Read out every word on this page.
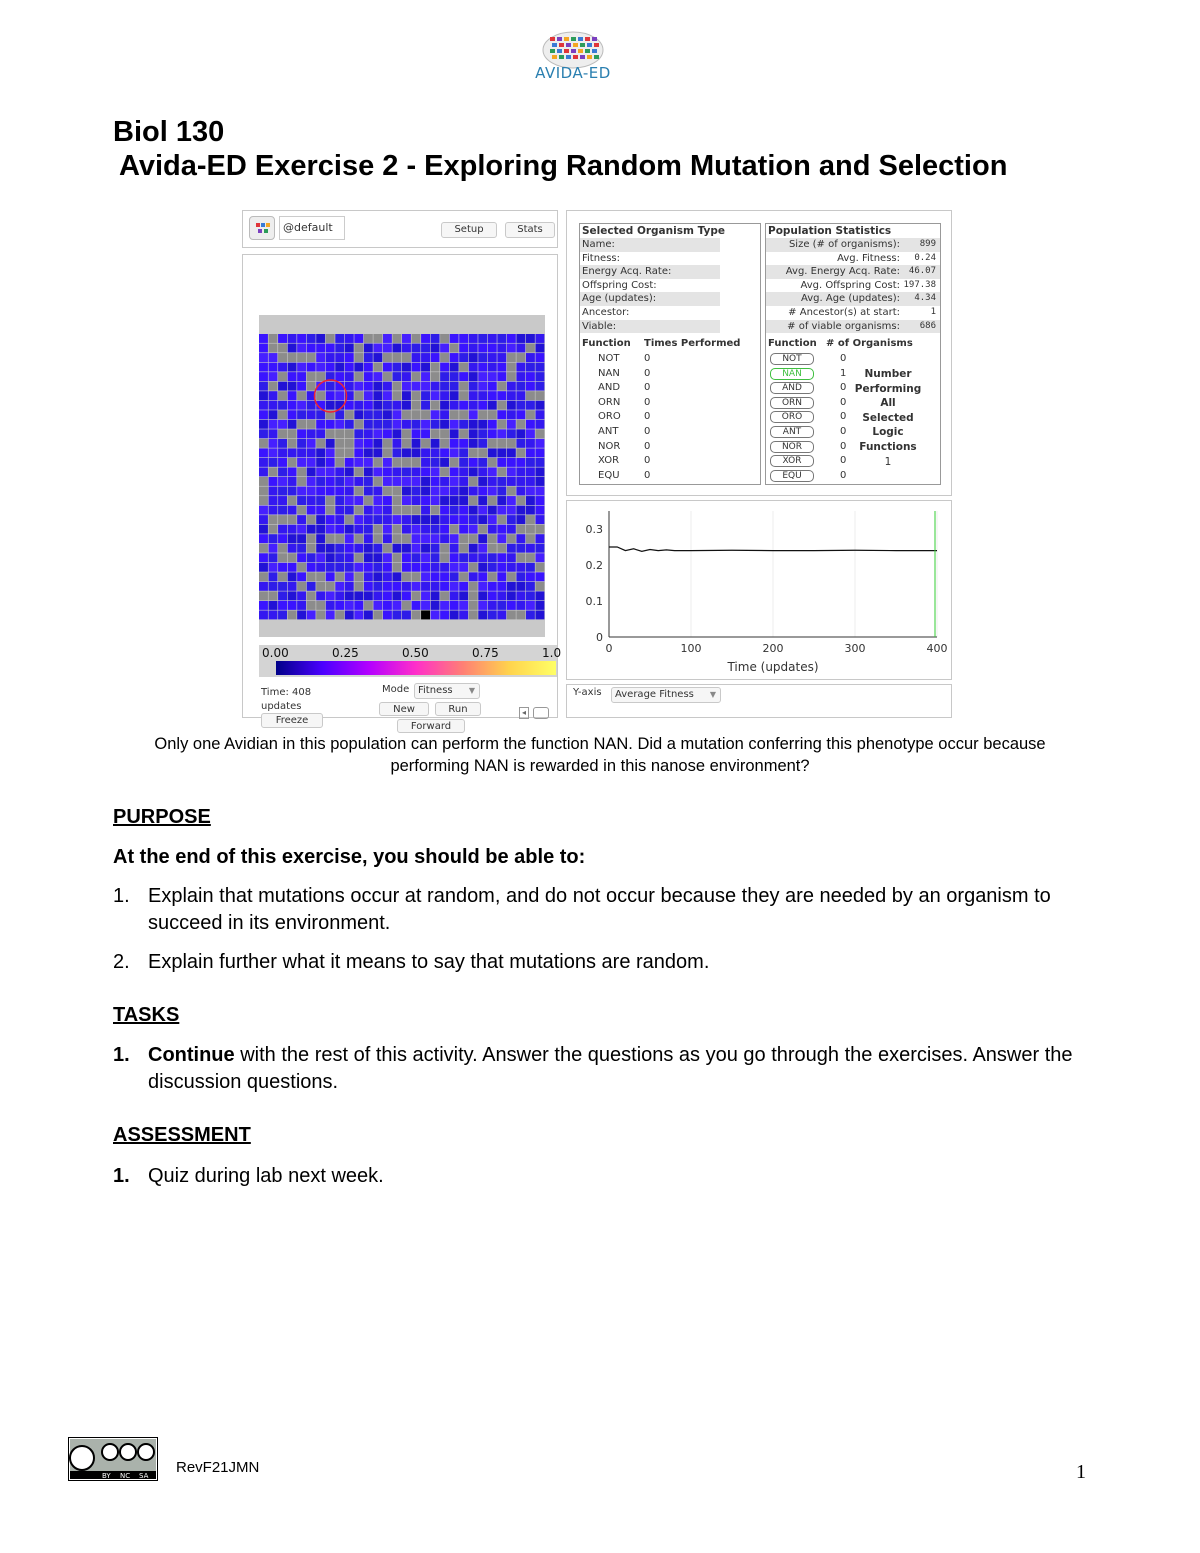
AVIDA-ED
Biol 130
Avida-ED Exercise 2 - Exploring Random Mutation and Selection
@default	Setup	Stats
0.00	0.25	0.50	0.75	1.0
Time: 408
updates
Freeze
Mode Fitness ▼
New	Run
Forward
◂
Selected Organism Type
Name:
Fitness:
Energy Acq. Rate:
Offspring Cost:
Age (updates):
Ancestor:
Viable:
Function Times Performed
NOT 0
NAN 0
AND 0
ORN 0
ORO 0
ANT	0
NOR 0
XOR 0
EQU 0
Population Statistics
Size (# of organisms): 899
Avg. Fitness: 0.24
Avg. Energy Acq. Rate: 46.07
Avg. Offspring Cost: 197.38
Avg. Age (updates): 4.34
# Ancestor(s) at start:	1
# of viable organisms: 686
Function # of Organisms
NOT	0
NAN	1
AND	0
ORN	0
ORO	0
ANT	0
NOR	0
XOR	0
EQU	0
Number
Performing
All
Selected
Logic
Functions
1
0	100	200	300	400
0
0.1
0.2
0.3
Time (updates)
Y-axis	Average Fitness ▼
Only one Avidian in this population can perform the function NAN. Did a mutation conferring this phenotype occur because performing NAN is rewarded in this nanose environment?
PURPOSE
At the end of this exercise, you should be able to:
1. Explain that mutations occur at random, and do not occur because they are needed by an organism to succeed in its environment.
2. Explain further what it means to say that mutations are random.
TASKS
1. Continue with the rest of this activity. Answer the questions as you go through the exercises. Answer the discussion questions.
ASSESSMENT
1. Quiz during lab next week.
BY NC SA RevF21JMN	1
